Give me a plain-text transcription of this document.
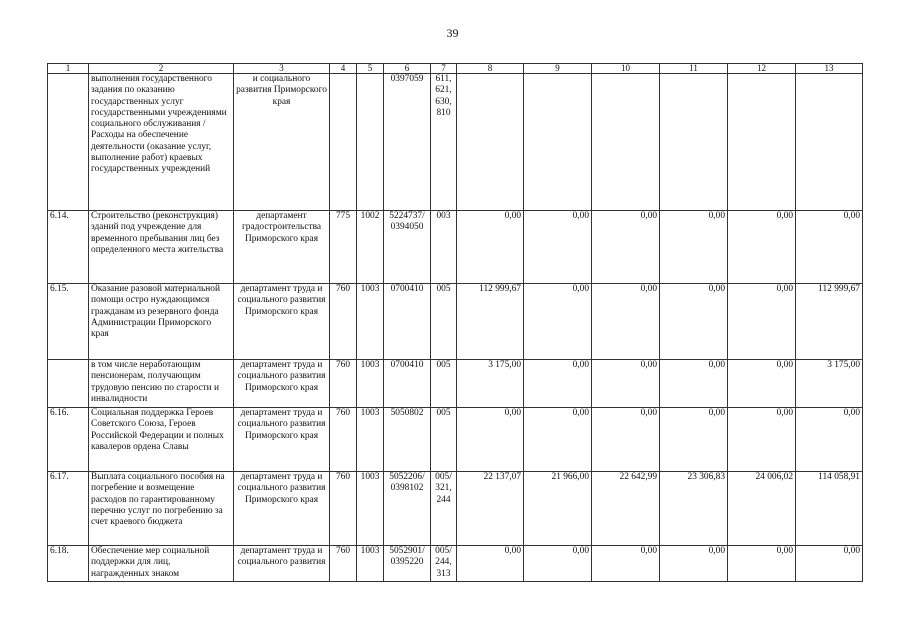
39
1	2	3	4	5	6	7	8	9	10	11	12	13
	выполнения государственного задания по оказанию государственных услуг государственными учреждениями социального обслуживания /Расходы на обеспечение деятельности (оказание услуг, выполнение работ) краевых государственных учреждений	и социального развития Приморского края			0397059	611, 621, 630, 810						
6.14.	Строительство (реконструкция) зданий под учреждение для временного пребывания лиц без определенного места жительства	департамент градостроительства Приморского края	775	1002	5224737/ 0394050	003	0,00	0,00	0,00	0,00	0,00	0,00
6.15.	Оказание разовой материальной помощи остро нуждающимся гражданам из резервного фонда Администрации Приморского края	департамент труда и социального развития Приморского края	760	1003	0700410	005	112 999,67	0,00	0,00	0,00	0,00	112 999,67
	в том числе неработающим пенсионерам, получающим трудовую пенсию по старости и инвалидности	департамент труда и социального развития Приморского края	760	1003	0700410	005	3 175,00	0,00	0,00	0,00	0,00	3 175,00
6.16.	Социальная поддержка Героев Советского Союза, Героев Российской Федерации и полных кавалеров ордена Славы	департамент труда и социального развития Приморского края	760	1003	5050802	005	0,00	0,00	0,00	0,00	0,00	0,00
6.17.	Выплата социального пособия на погребение и возмещение расходов по гарантированному перечню услуг по погребению за счет краевого бюджета	департамент труда и социального развития Приморского края	760	1003	5052206/ 0398102	005/ 321, 244	22 137,07	21 966,00	22 642,99	23 306,83	24 006,02	114 058,91
6.18.	Обеспечение мер социальной поддержки для лиц, награжденных знаком	департамент труда и социального развития	760	1003	5052901/ 0395220	005/ 244, 313	0,00	0,00	0,00	0,00	0,00	0,00
